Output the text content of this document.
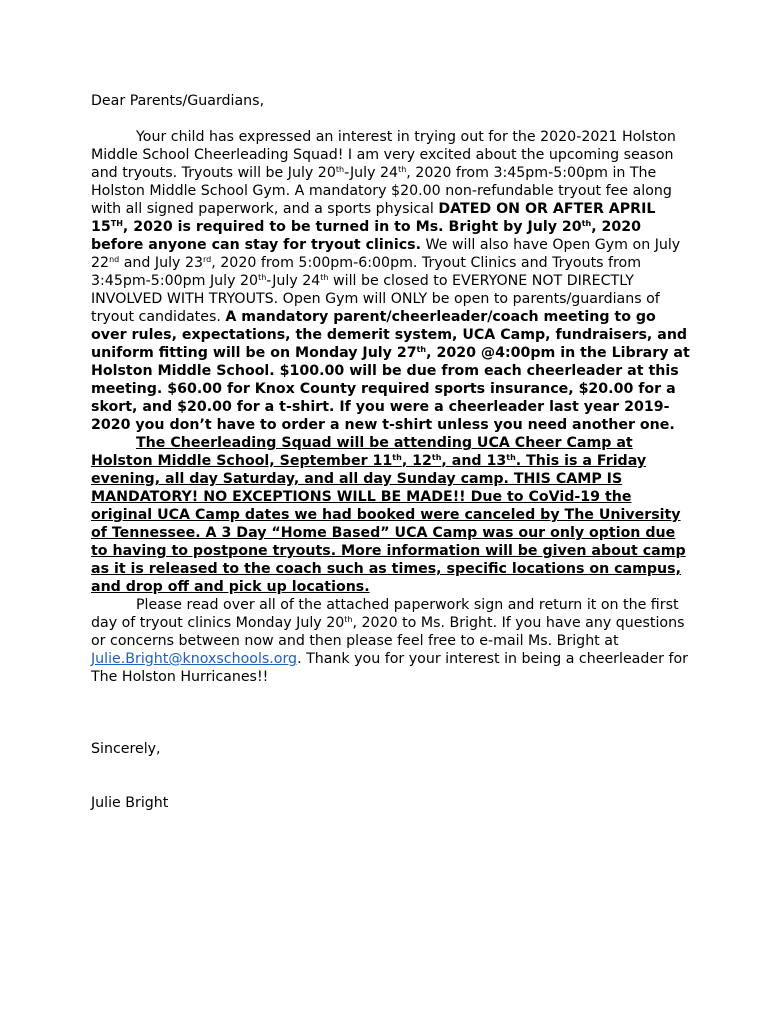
Dear Parents/Guardians,

Your child has expressed an interest in trying out for the 2020-2021 Holston Middle School Cheerleading Squad! I am very excited about the upcoming season and tryouts. Tryouts will be July 20th-July 24th, 2020 from 3:45pm-5:00pm in The Holston Middle School Gym. A mandatory $20.00 non-refundable tryout fee along with all signed paperwork, and a sports physical DATED ON OR AFTER APRIL 15TH, 2020 is required to be turned in to Ms. Bright by July 20th, 2020 before anyone can stay for tryout clinics. We will also have Open Gym on July 22nd and July 23rd, 2020 from 5:00pm-6:00pm. Tryout Clinics and Tryouts from 3:45pm-5:00pm July 20th-July 24th will be closed to EVERYONE NOT DIRECTLY INVOLVED WITH TRYOUTS. Open Gym will ONLY be open to parents/guardians of tryout candidates. A mandatory parent/cheerleader/coach meeting to go over rules, expectations, the demerit system, UCA Camp, fundraisers, and uniform fitting will be on Monday July 27th, 2020 @4:00pm in the Library at Holston Middle School. $100.00 will be due from each cheerleader at this meeting. $60.00 for Knox County required sports insurance, $20.00 for a skort, and $20.00 for a t-shirt. If you were a cheerleader last year 2019-2020 you don’t have to order a new t-shirt unless you need another one.

The Cheerleading Squad will be attending UCA Cheer Camp at Holston Middle School, September 11th, 12th, and 13th. This is a Friday evening, all day Saturday, and all day Sunday camp. THIS CAMP IS MANDATORY! NO EXCEPTIONS WILL BE MADE!! Due to CoVid-19 the original UCA Camp dates we had booked were canceled by The University of Tennessee. A 3 Day “Home Based” UCA Camp was our only option due to having to postpone tryouts. More information will be given about camp as it is released to the coach such as times, specific locations on campus, and drop off and pick up locations.

Please read over all of the attached paperwork sign and return it on the first day of tryout clinics Monday July 20th, 2020 to Ms. Bright. If you have any questions or concerns between now and then please feel free to e-mail Ms. Bright at Julie.Bright@knoxschools.org. Thank you for your interest in being a cheerleader for The Holston Hurricanes!!

Sincerely,

Julie Bright
